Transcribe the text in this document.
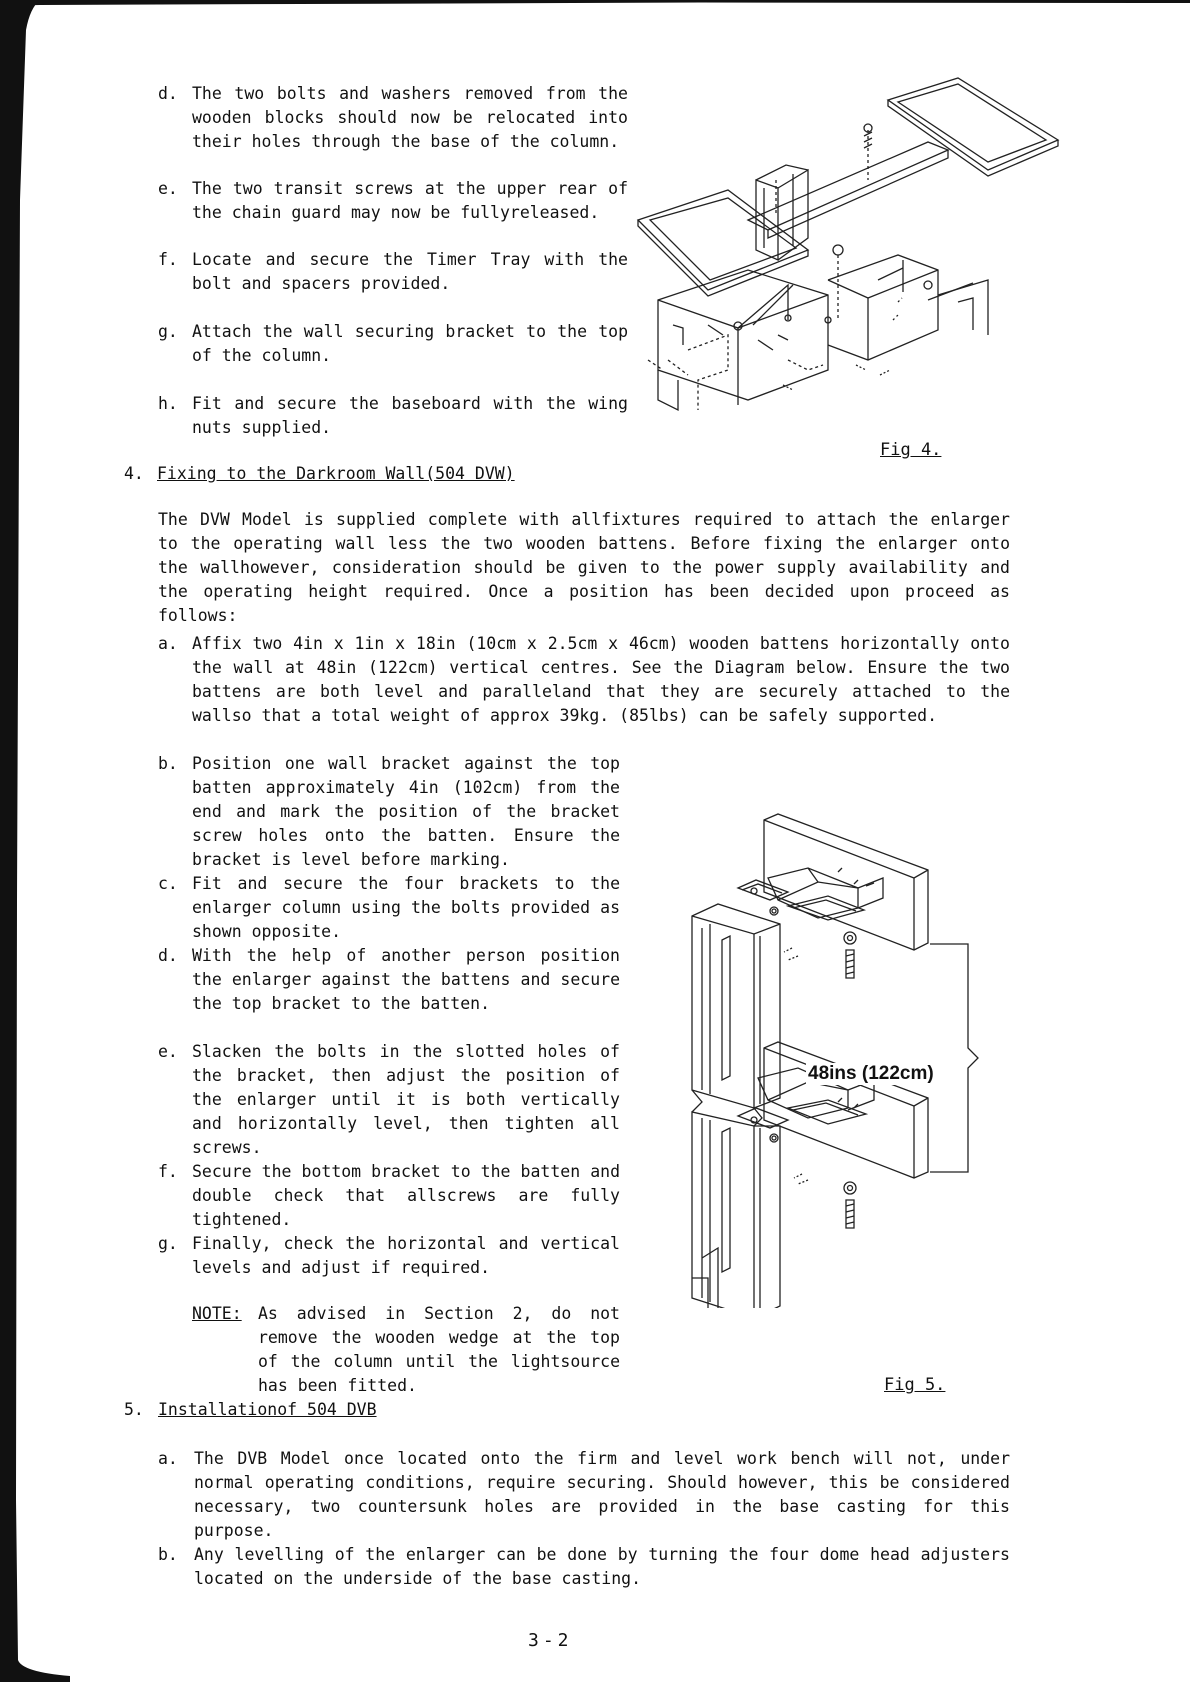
d. The two bolts and washers removed from the wooden blocks should now be relocated into their holes through the base of the column.
e. The two transit screws at the upper rear of the chain guard may now be fullyreleased.
f. Locate and secure the Timer Tray with the bolt and spacers provided.
g. Attach the wall securing bracket to the top of the column.
h. Fit and secure the baseboard with the wing nuts supplied.
Fig 4.
4. Fixing to the Darkroom Wall(504 DVW)
The DVW Model is supplied complete with allfixtures required to attach the enlarger to the operating wall less the two wooden battens. Before fixing the enlarger onto the wallhowever, consideration should be given to the power supply availability and the operating height required. Once a position has been decided upon proceed as follows:
a. Affix two 4in x 1in x 18in (10cm x 2.5cm x 46cm) wooden battens horizontally onto the wall at 48in (122cm) vertical centres. See the Diagram below. Ensure the two battens are both level and paralleland that they are securely attached to the wallso that a total weight of approx 39kg. (85lbs) can be safely supported.
b. Position one wall bracket against the top batten approximately 4in (102cm) from the end and mark the position of the bracket screw holes onto the batten. Ensure the bracket is level before marking.
c. Fit and secure the four brackets to the enlarger column using the bolts provided as shown opposite.
d. With the help of another person position the enlarger against the battens and secure the top bracket to the batten.
e. Slacken the bolts in the slotted holes of the bracket, then adjust the position of the enlarger until it is both vertically and horizontally level, then tighten all screws.
f. Secure the bottom bracket to the batten and double check that allscrews are fully tightened.
g. Finally, check the horizontal and vertical levels and adjust if required.
NOTE: As advised in Section 2, do not remove the wooden wedge at the top of the column until the lightsource has been fitted.
48ins (122cm)
Fig 5.
5. Installationof 504 DVB
a. The DVB Model once located onto the firm and level work bench will not, under normal operating conditions, require securing. Should however, this be considered necessary, two countersunk holes are provided in the base casting for this purpose.
b. Any levelling of the enlarger can be done by turning the four dome head adjusters located on the underside of the base casting.
3-2
